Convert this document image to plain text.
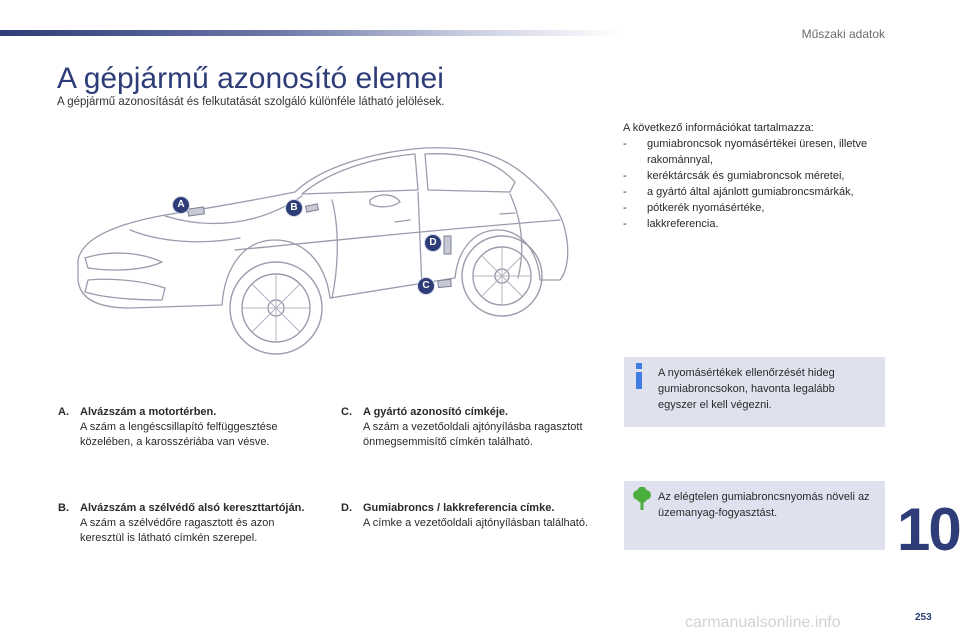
Műszaki adatok
A gépjármű azonosító elemei
A gépjármű azonosítását és felkutatását szolgáló különféle látható jelölések.
A	B
C
D
A. Alvázszám a motortérben.
A szám a lengéscsillapító felfüggesztése közelében, a karosszériába van vésve.
B. Alvázszám a szélvédő alsó kereszttartóján.
A szám a szélvédőre ragasztott és azon keresztül is látható címkén szerepel.
C. A gyártó azonosító címkéje.
A szám a vezetőoldali ajtónyílásba ragasztott önmegsemmisítő címkén található.
D. Gumiabroncs / lakkreferencia címke.
A címke a vezetőoldali ajtónyílásban található.
A következő információkat tartalmazza:
- gumiabroncsok nyomásértékei üresen, illetve rakománnyal,
- keréktárcsák és gumiabroncsok méretei,
- a gyártó által ajánlott gumiabroncsmárkák,
- pótkerék nyomásértéke,
- lakkreferencia.
A nyomásértékek ellenőrzését hideg gumiabroncsokon, havonta legalább egyszer el kell végezni.
Az elégtelen gumiabroncsnyomás növeli az üzemanyag-fogyasztást.	10
carmanualsonline.info	253
